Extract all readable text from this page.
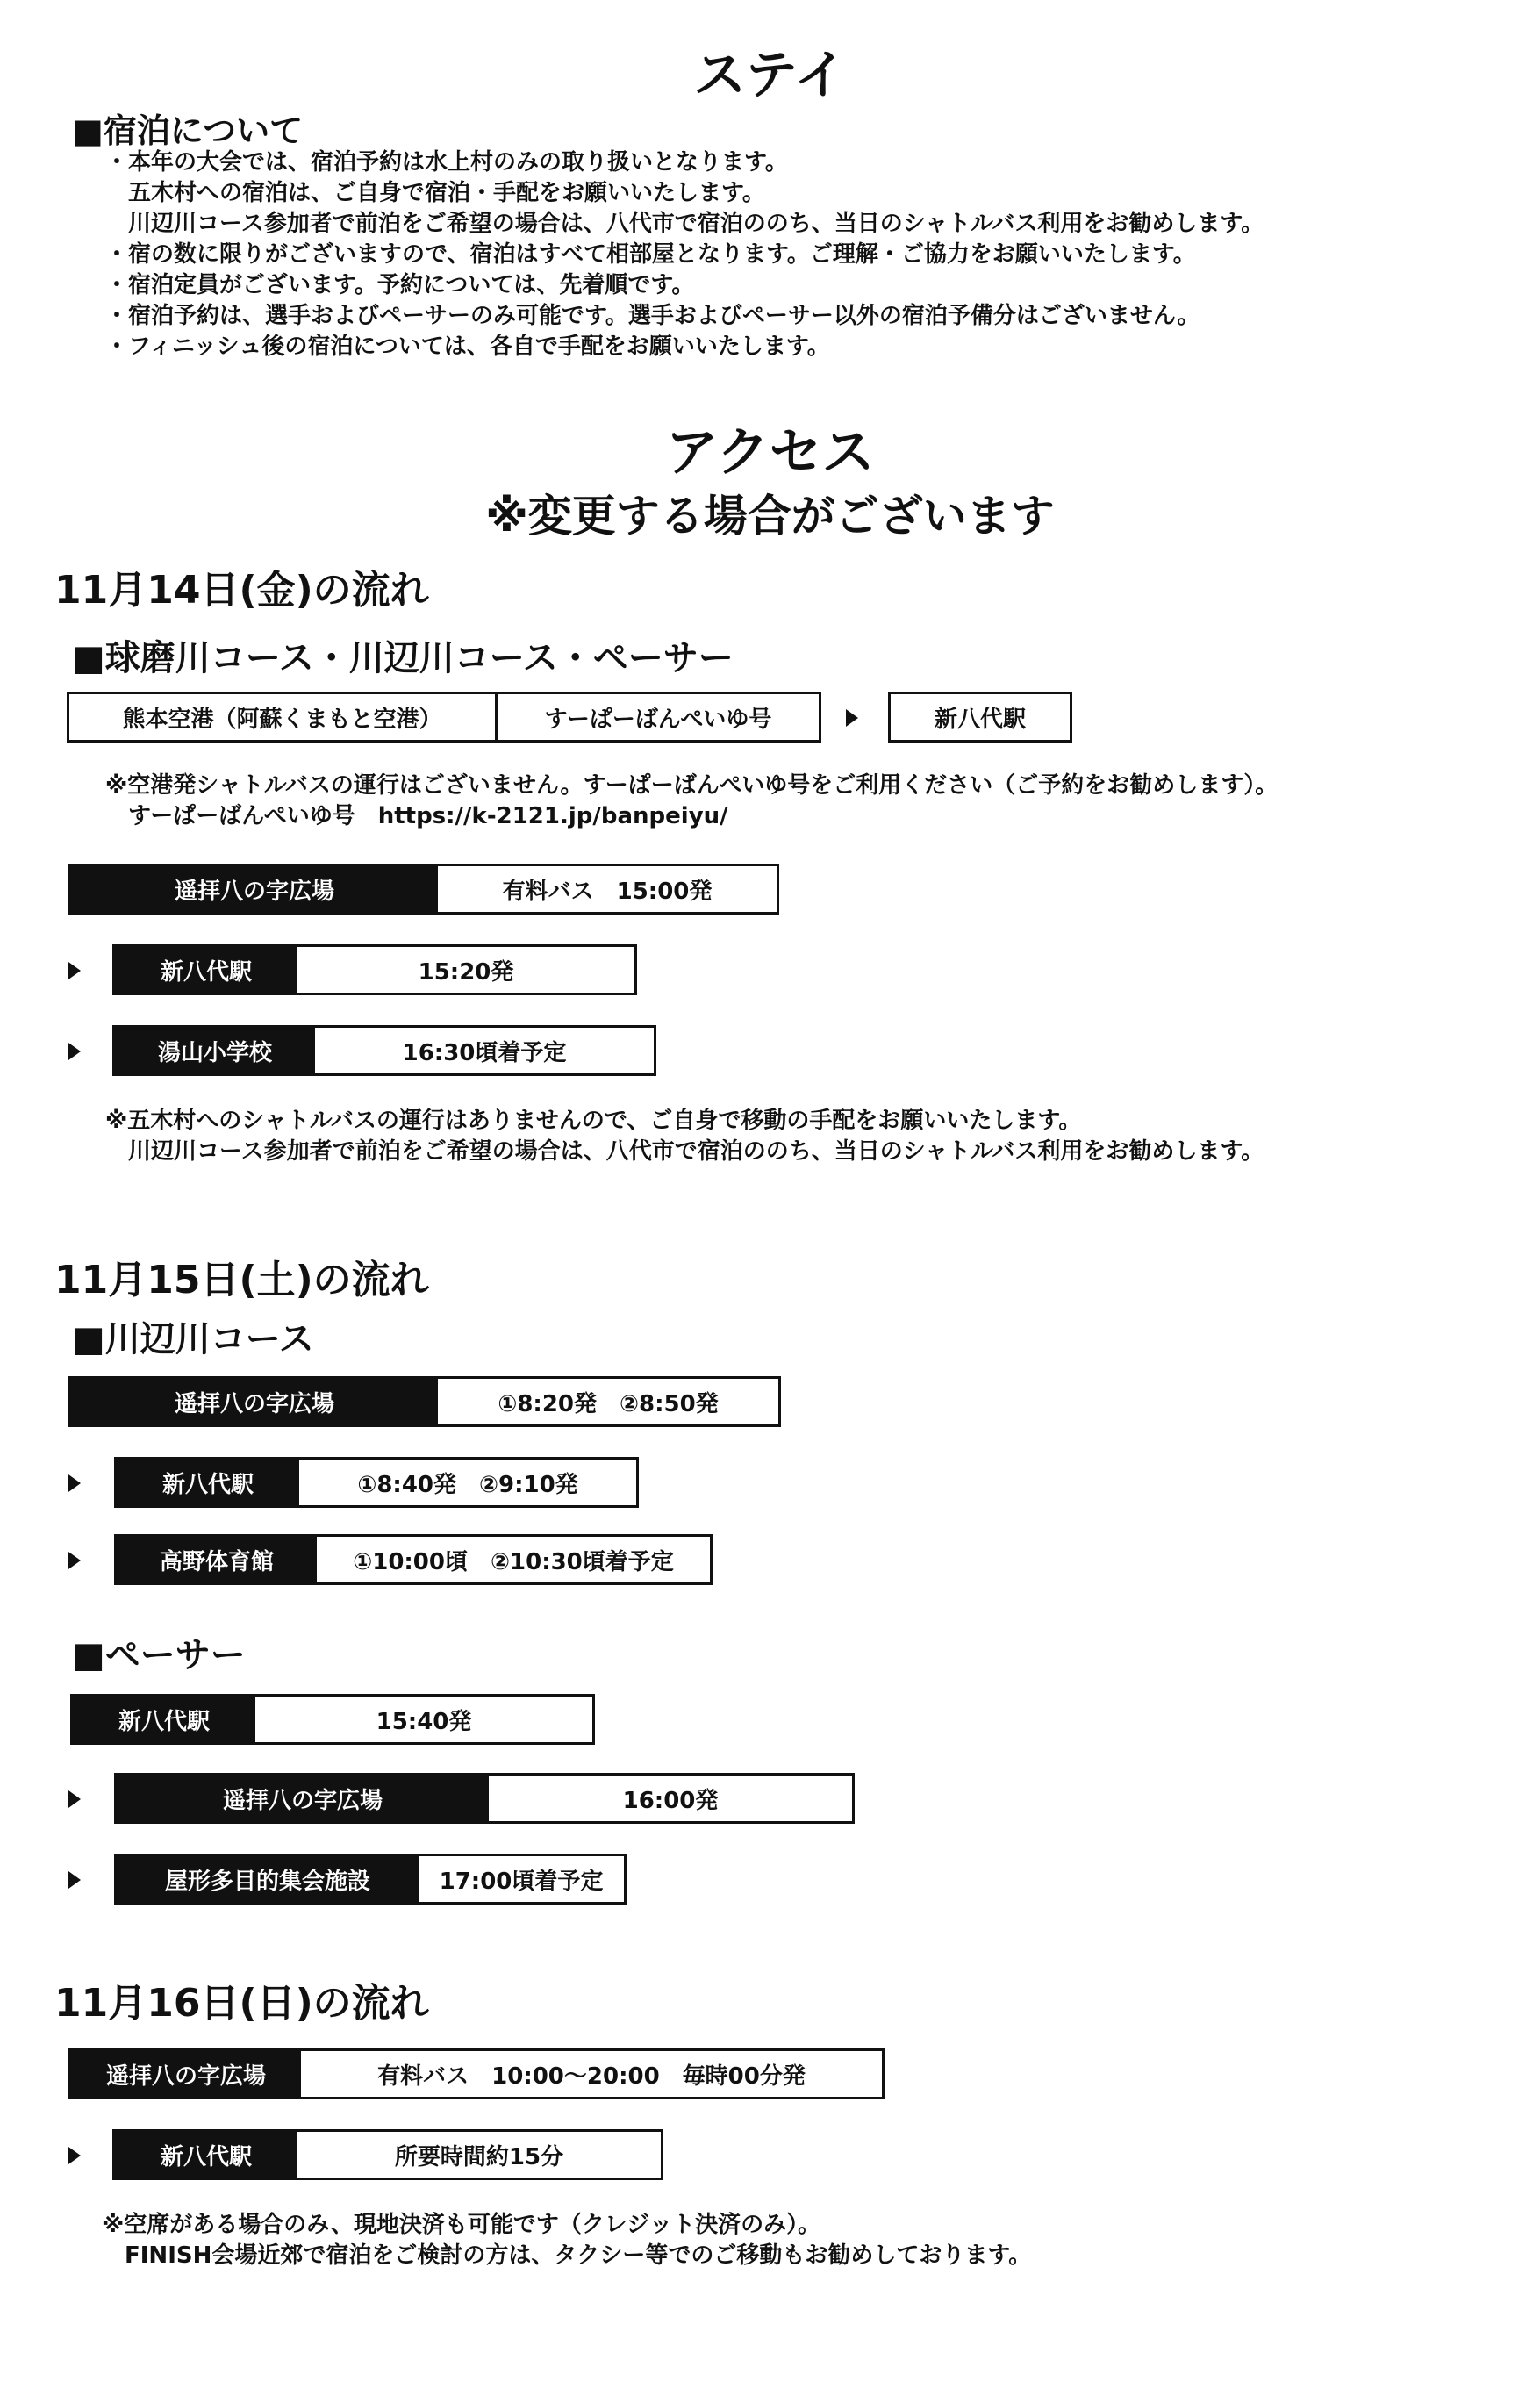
ステイ
■宿泊について
・本年の大会では、宿泊予約は水上村のみの取り扱いとなります。
　五木村への宿泊は、ご自身で宿泊・手配をお願いいたします。
　川辺川コース参加者で前泊をご希望の場合は、八代市で宿泊ののち、当日のシャトルバス利用をお勧めします。
・宿の数に限りがございますので、宿泊はすべて相部屋となります。ご理解・ご協力をお願いいたします。
・宿泊定員がございます。予約については、先着順です。
・宿泊予約は、選手およびペーサーのみ可能です。選手およびペーサー以外の宿泊予備分はございません。
・フィニッシュ後の宿泊については、各自で手配をお願いいたします。
アクセス
※変更する場合がございます
11月14日(金)の流れ
■球磨川コース・川辺川コース・ペーサー
熊本空港（阿蘇くまもと空港）	すーぱーばんぺいゆ号	新八代駅
※空港発シャトルバスの運行はございません。すーぱーばんぺいゆ号をご利用ください（ご予約をお勧めします）。
　すーぱーばんぺいゆ号　https://k-2121.jp/banpeiyu/
遥拝八の字広場	有料バス　15:00発
新八代駅	15:20発
湯山小学校	16:30頃着予定
※五木村へのシャトルバスの運行はありませんので、ご自身で移動の手配をお願いいたします。
　川辺川コース参加者で前泊をご希望の場合は、八代市で宿泊ののち、当日のシャトルバス利用をお勧めします。
11月15日(土)の流れ
■川辺川コース
遥拝八の字広場	①8:20発　②8:50発
新八代駅	①8:40発　②9:10発
高野体育館	①10:00頃　②10:30頃着予定
■ペーサー
新八代駅	15:40発
遥拝八の字広場	16:00発
屋形多目的集会施設	17:00頃着予定
11月16日(日)の流れ
遥拝八の字広場	有料バス　10:00～20:00　毎時00分発
新八代駅	所要時間約15分
※空席がある場合のみ、現地決済も可能です（クレジット決済のみ）。
　FINISH会場近郊で宿泊をご検討の方は、タクシー等でのご移動もお勧めしております。
